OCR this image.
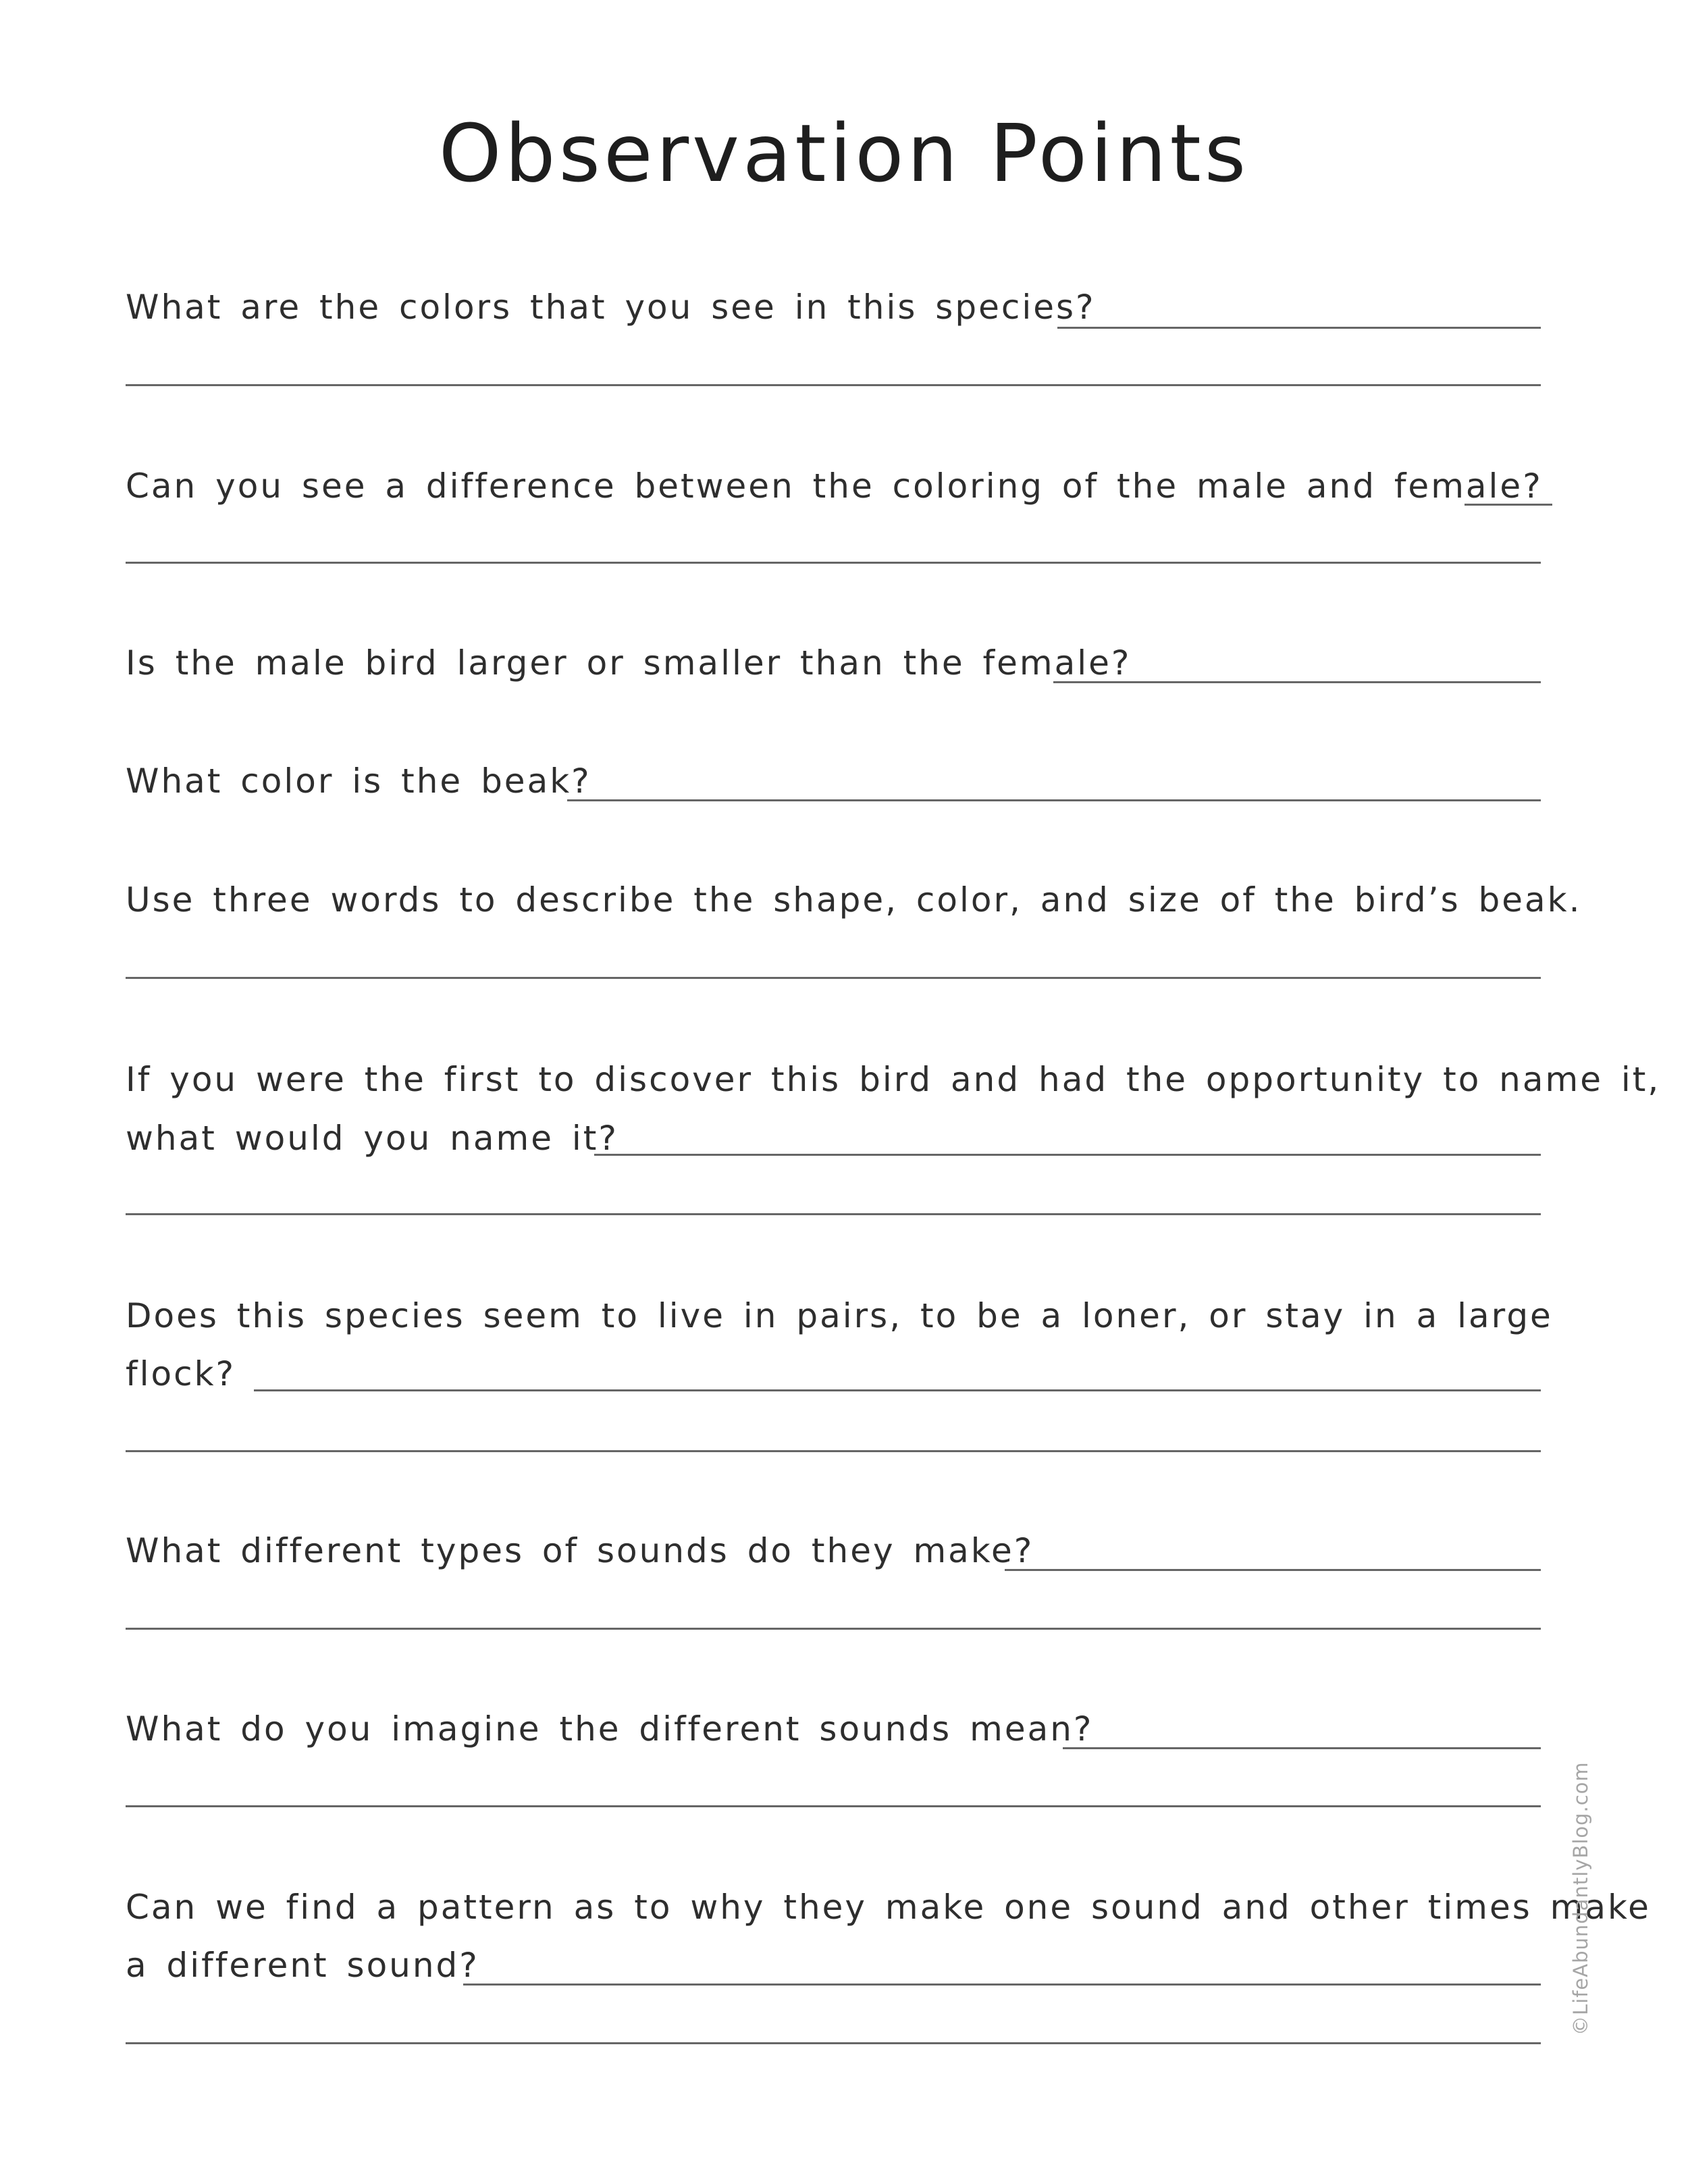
Observation Points
What are the colors that you see in this species?
Can you see a difference between the coloring of the male and female?
Is the male bird larger or smaller than the female?
What color is the beak?
Use three words to describe the shape, color, and size of the bird’s beak.
If you were the first to discover this bird and had the opportunity to name it,
what would you name it?
Does this species seem to live in pairs, to be a loner, or stay in a large
flock?
What different types of sounds do they make?
What do you imagine the different sounds mean?
Can we find a pattern as to why they make one sound and other times make
a different sound?	©LifeAbundantlyBlog.com
